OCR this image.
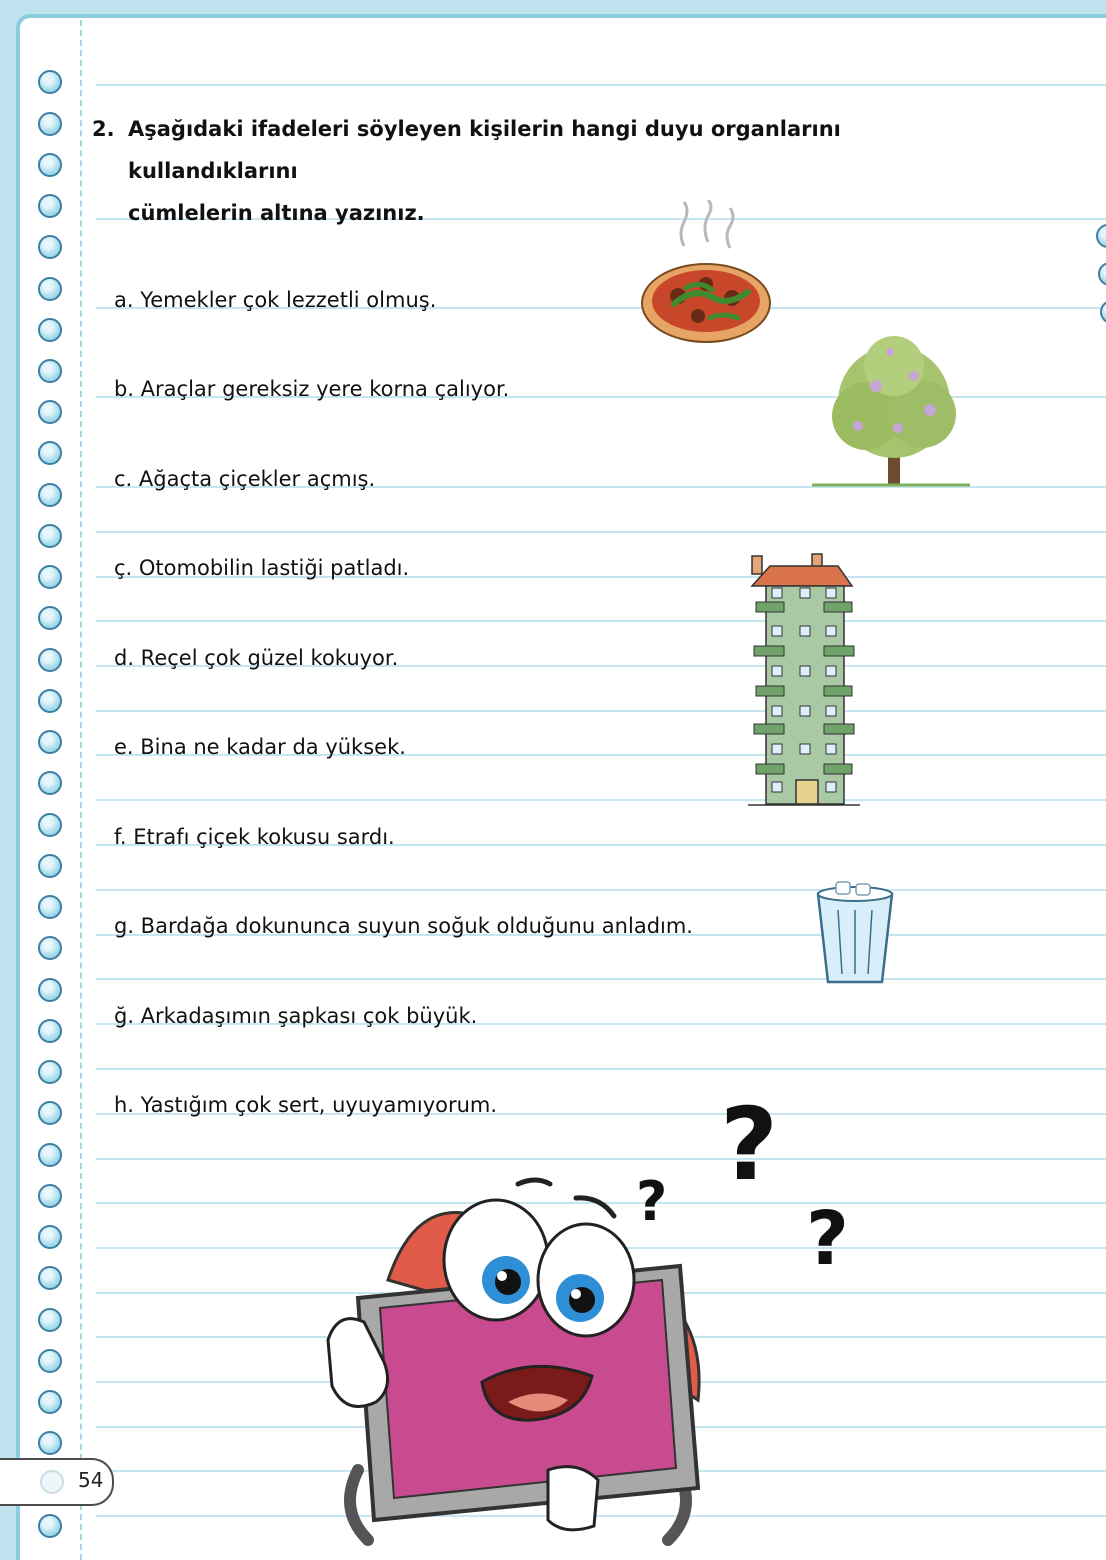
2. Aşağıdaki ifadeleri söyleyen kişilerin hangi duyu organlarını kullandıklarını
cümlelerin altına yazınız.
a. Yemekler çok lezzetli olmuş.
b. Araçlar gereksiz yere korna çalıyor.
c. Ağaçta çiçekler açmış.
ç. Otomobilin lastiği patladı.
d. Reçel çok güzel kokuyor.
e. Bina ne kadar da yüksek.
f. Etrafı çiçek kokusu sardı.
g. Bardağa dokununca suyun soğuk olduğunu anladım.
ğ. Arkadaşımın şapkası çok büyük.
h. Yastığım çok sert, uyuyamıyorum. ?
? ?
54
